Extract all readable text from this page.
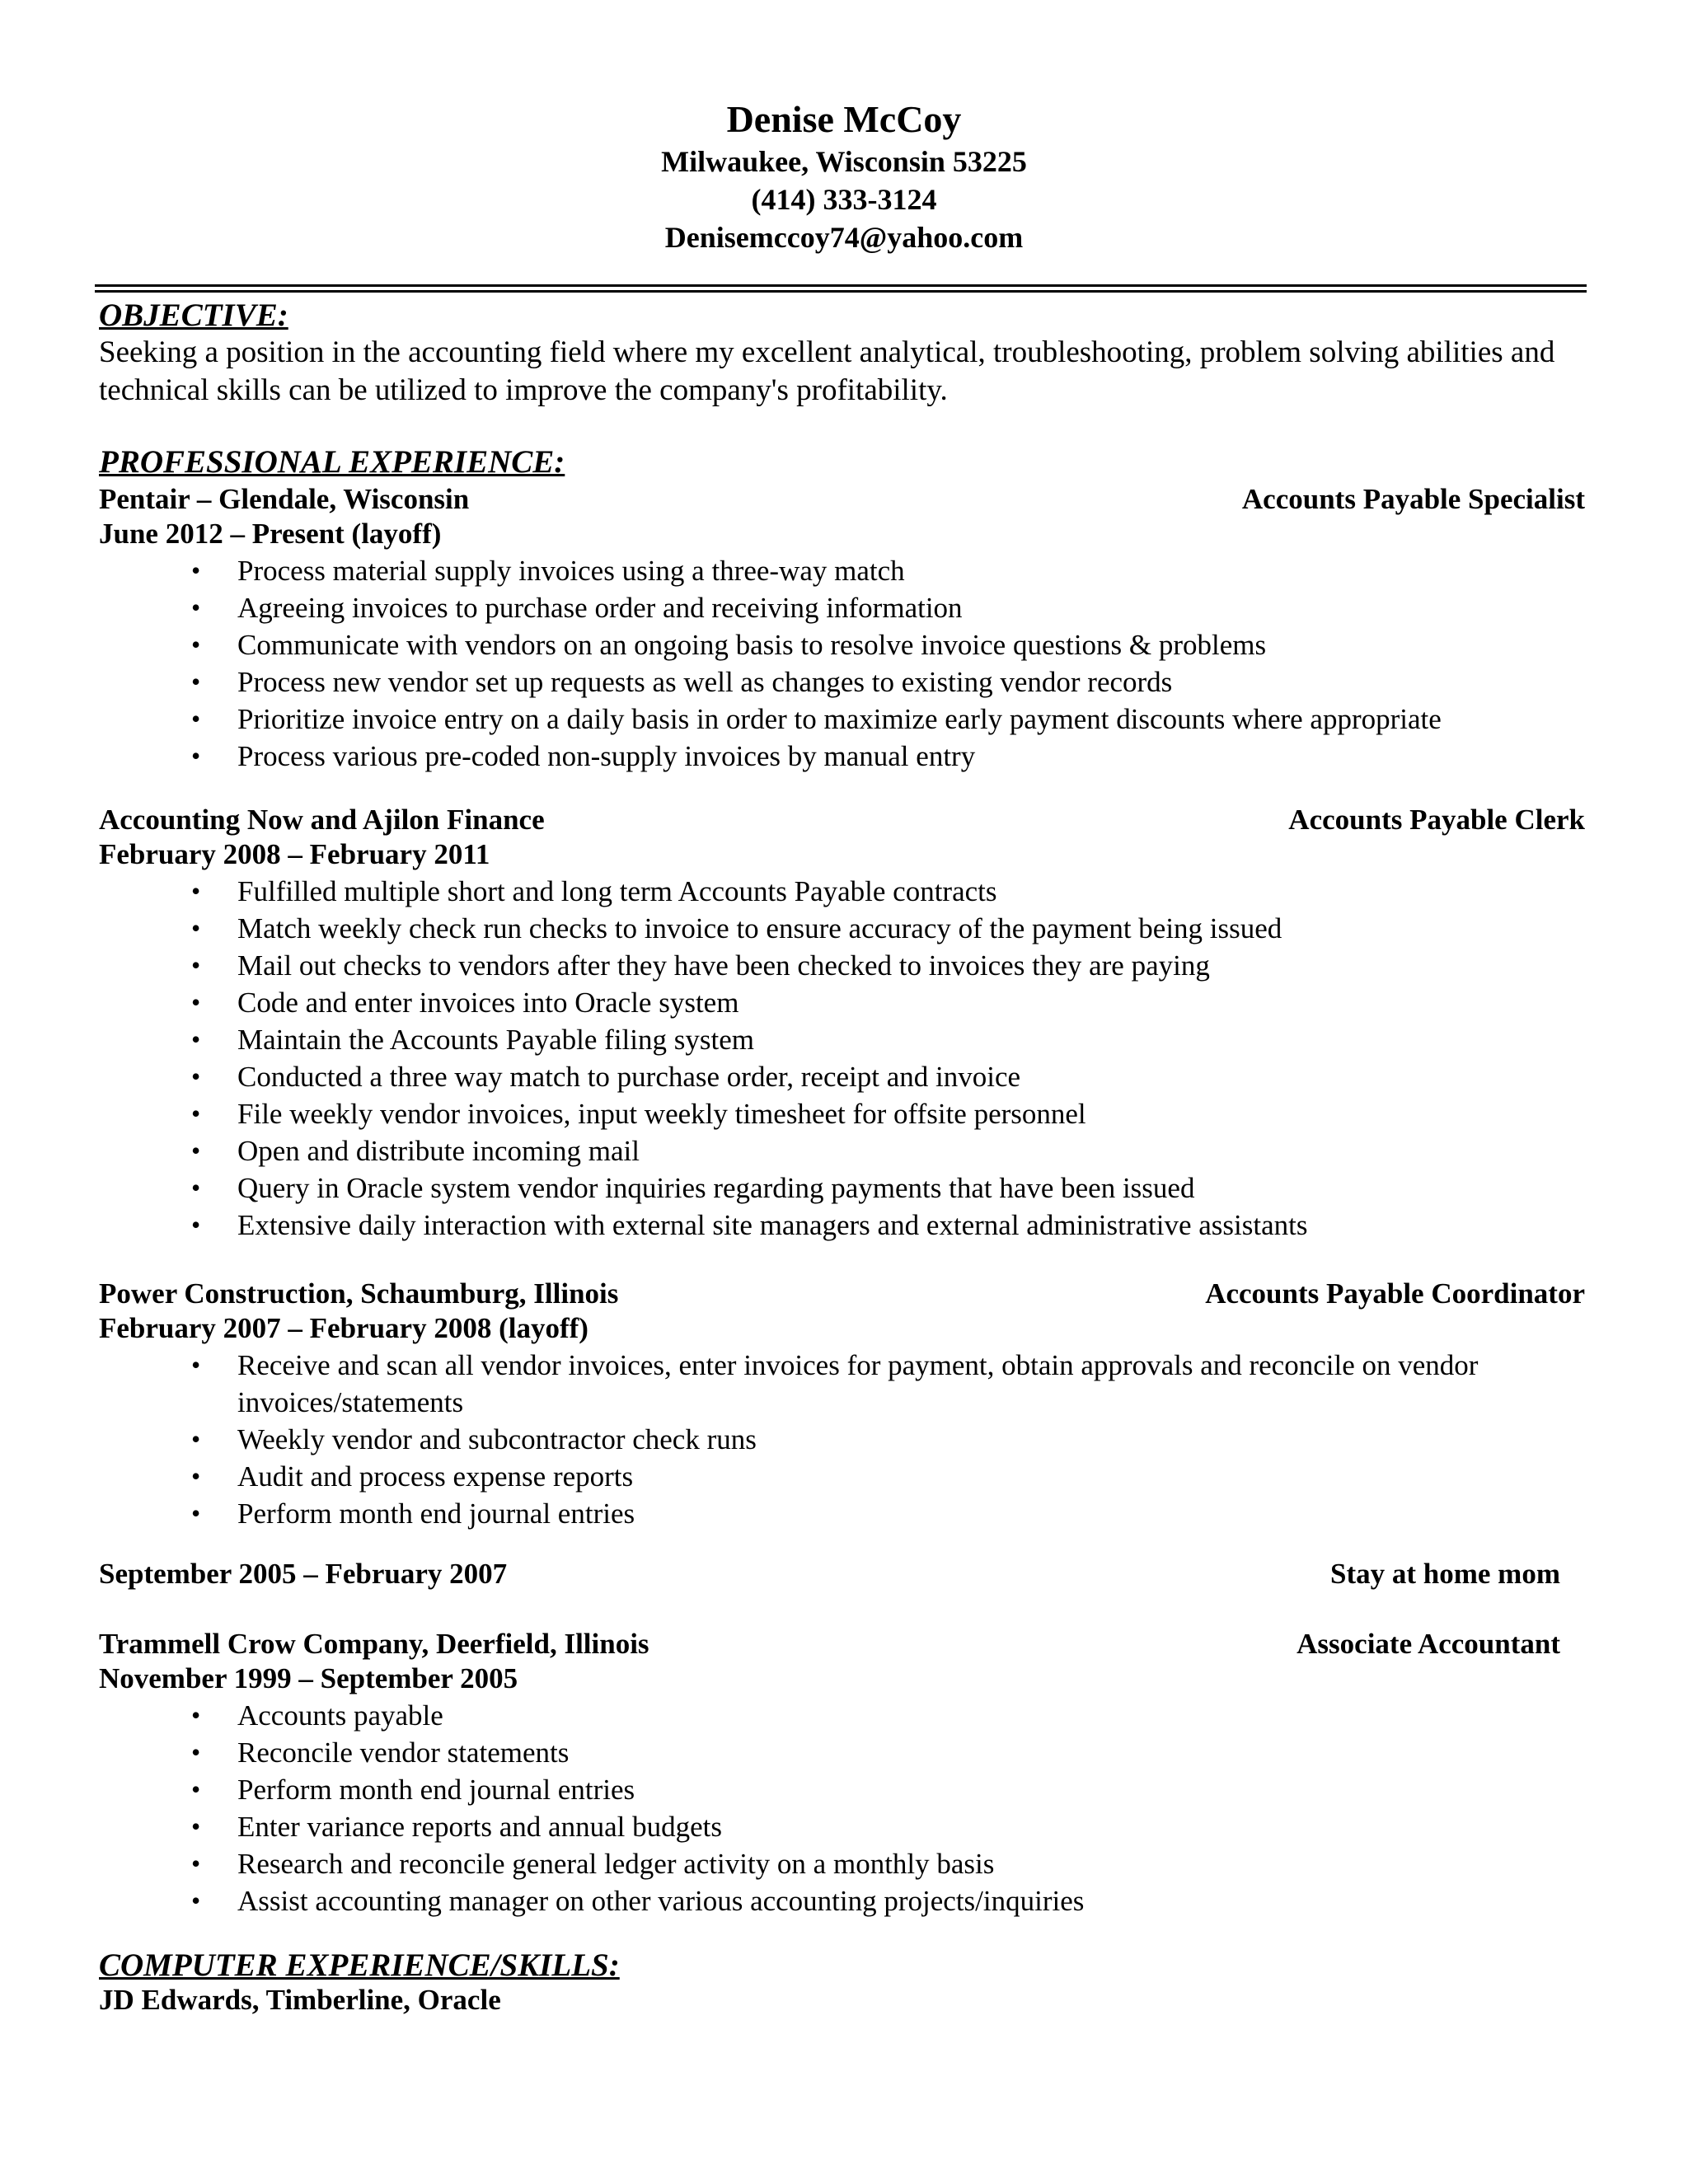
Denise McCoy
Milwaukee, Wisconsin 53225
(414) 333-3124
Denisemccoy74@yahoo.com
OBJECTIVE:
Seeking a position in the accounting field where my excellent analytical, troubleshooting, problem solving abilities and technical skills can be utilized to improve the company's profitability.
PROFESSIONAL EXPERIENCE:
Pentair – Glendale, Wisconsin	Accounts Payable Specialist
June 2012 – Present (layoff)
• Process material supply invoices using a three-way match
• Agreeing invoices to purchase order and receiving information
• Communicate with vendors on an ongoing basis to resolve invoice questions & problems
• Process new vendor set up requests as well as changes to existing vendor records
• Prioritize invoice entry on a daily basis in order to maximize early payment discounts where appropriate
• Process various pre-coded non-supply invoices by manual entry
Accounting Now and Ajilon Finance	Accounts Payable Clerk
February 2008 – February 2011
• Fulfilled multiple short and long term Accounts Payable contracts
• Match weekly check run checks to invoice to ensure accuracy of the payment being issued
• Mail out checks to vendors after they have been checked to invoices they are paying
• Code and enter invoices into Oracle system
• Maintain the Accounts Payable filing system
• Conducted a three way match to purchase order, receipt and invoice
• File weekly vendor invoices, input weekly timesheet for offsite personnel
• Open and distribute incoming mail
• Query in Oracle system vendor inquiries regarding payments that have been issued
• Extensive daily interaction with external site managers and external administrative assistants
Power Construction, Schaumburg, Illinois	Accounts Payable Coordinator
February 2007 – February 2008 (layoff)
• Receive and scan all vendor invoices, enter invoices for payment, obtain approvals and reconcile on vendor invoices/statements
• Weekly vendor and subcontractor check runs
• Audit and process expense reports
• Perform month end journal entries
September 2005 – February 2007	Stay at home mom
Trammell Crow Company, Deerfield, Illinois	Associate Accountant
November 1999 – September 2005
• Accounts payable
• Reconcile vendor statements
• Perform month end journal entries
• Enter variance reports and annual budgets
• Research and reconcile general ledger activity on a monthly basis
• Assist accounting manager on other various accounting projects/inquiries
COMPUTER EXPERIENCE/SKILLS:
JD Edwards, Timberline, Oracle
